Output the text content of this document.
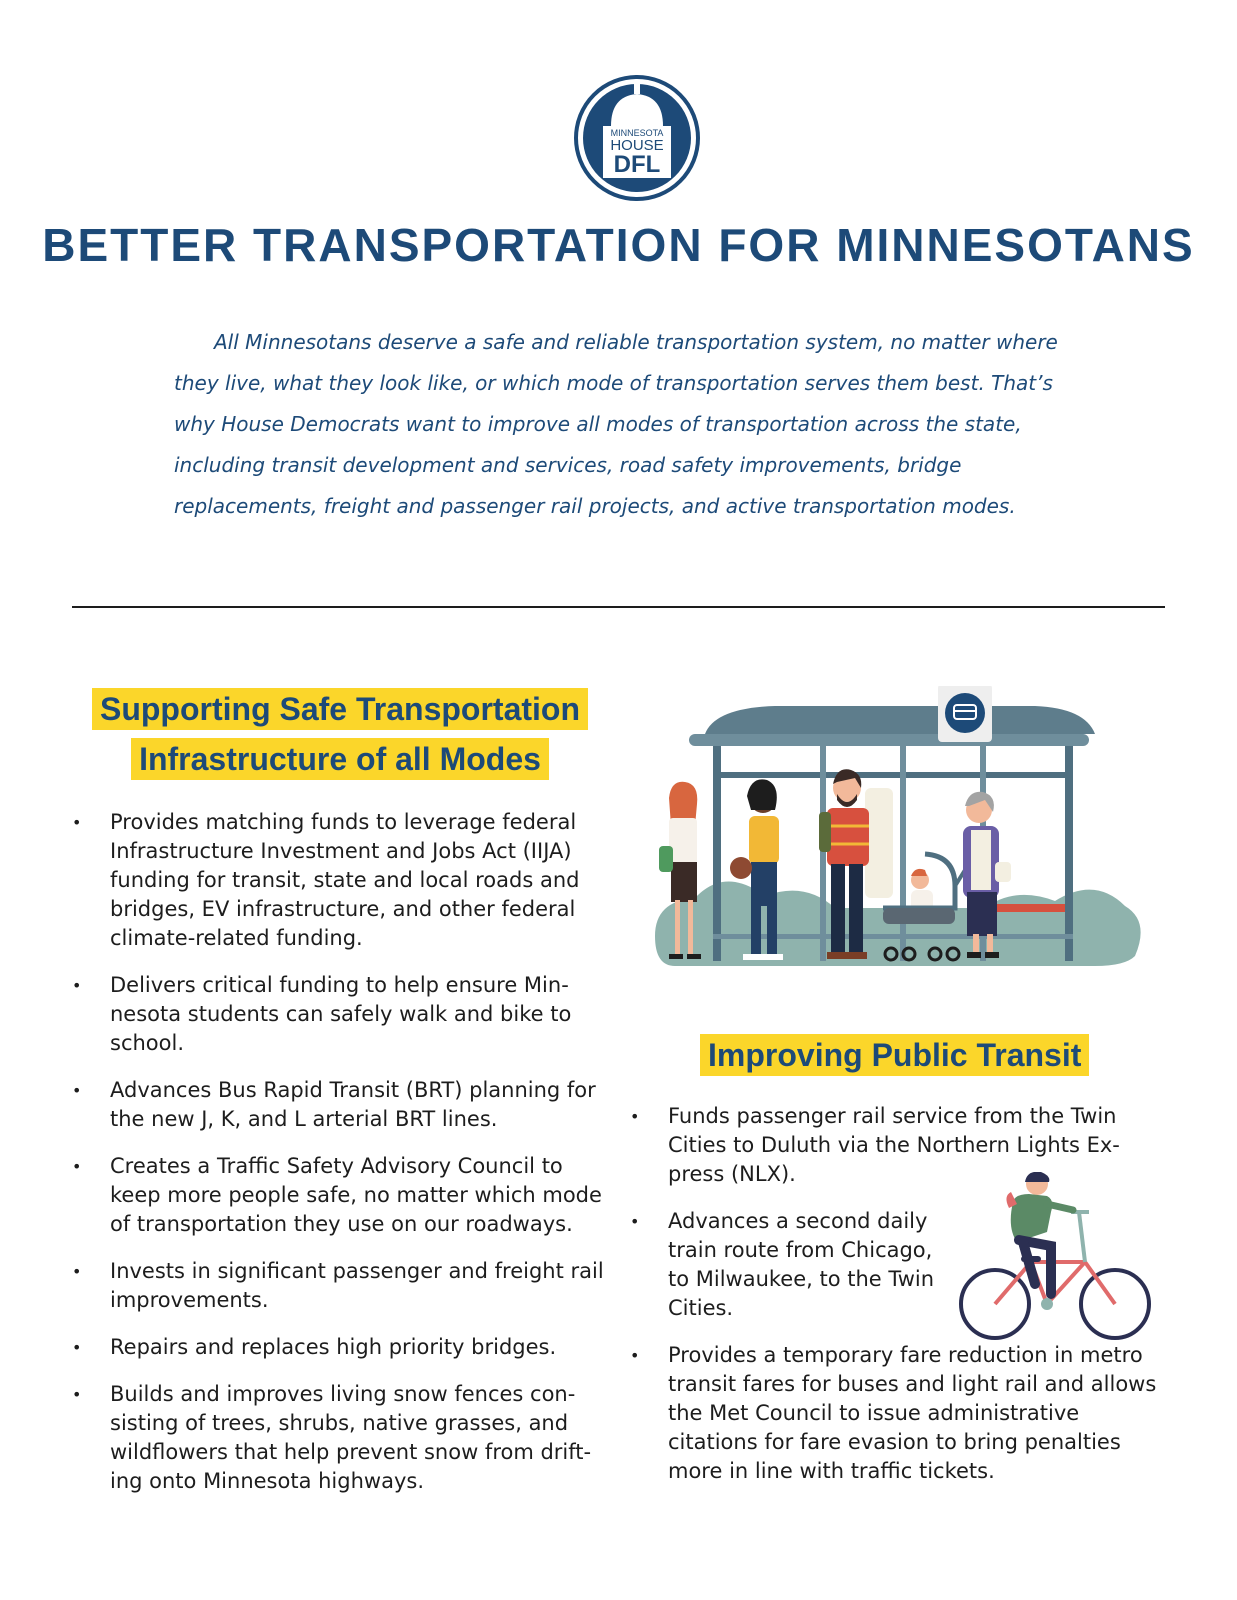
MINNESOTA
HOUSE
DFL
BETTER TRANSPORTATION FOR MINNESOTANS

All Minnesotans deserve a safe and reliable transportation system, no matter where they live, what they look like, or which mode of transportation serves them best. That’s why House Democrats want to improve all modes of transportation across the state, including transit development and services, road safety improvements, bridge replacements, freight and passenger rail projects, and active transportation modes.

Supporting Safe Transportation
Infrastructure of all Modes
• Provides matching funds to leverage federal Infrastructure Investment and Jobs Act (IIJA) funding for transit, state and local roads and bridges, EV infrastructure, and other federal climate-related funding.
• Delivers critical funding to help ensure Min-nesota students can safely walk and bike to school.
• Advances Bus Rapid Transit (BRT) planning for the new J, K, and L arterial BRT lines.
• Creates a Traffic Safety Advisory Council to keep more people safe, no matter which mode of transportation they use on our roadways.
• Invests in significant passenger and freight rail improvements.
• Repairs and replaces high priority bridges.
• Builds and improves living snow fences con-sisting of trees, shrubs, native grasses, and wildflowers that help prevent snow from drift-ing onto Minnesota highways.
Improving Public Transit
• Funds passenger rail service from the Twin Cities to Duluth via the Northern Lights Ex-press (NLX).
• Advances a second daily train route from Chicago, to Milwaukee, to the Twin Cities.
• Provides a temporary fare reduction in metro transit fares for buses and light rail and allows the Met Council to issue administrative citations for fare evasion to bring penalties more in line with traffic tickets.
